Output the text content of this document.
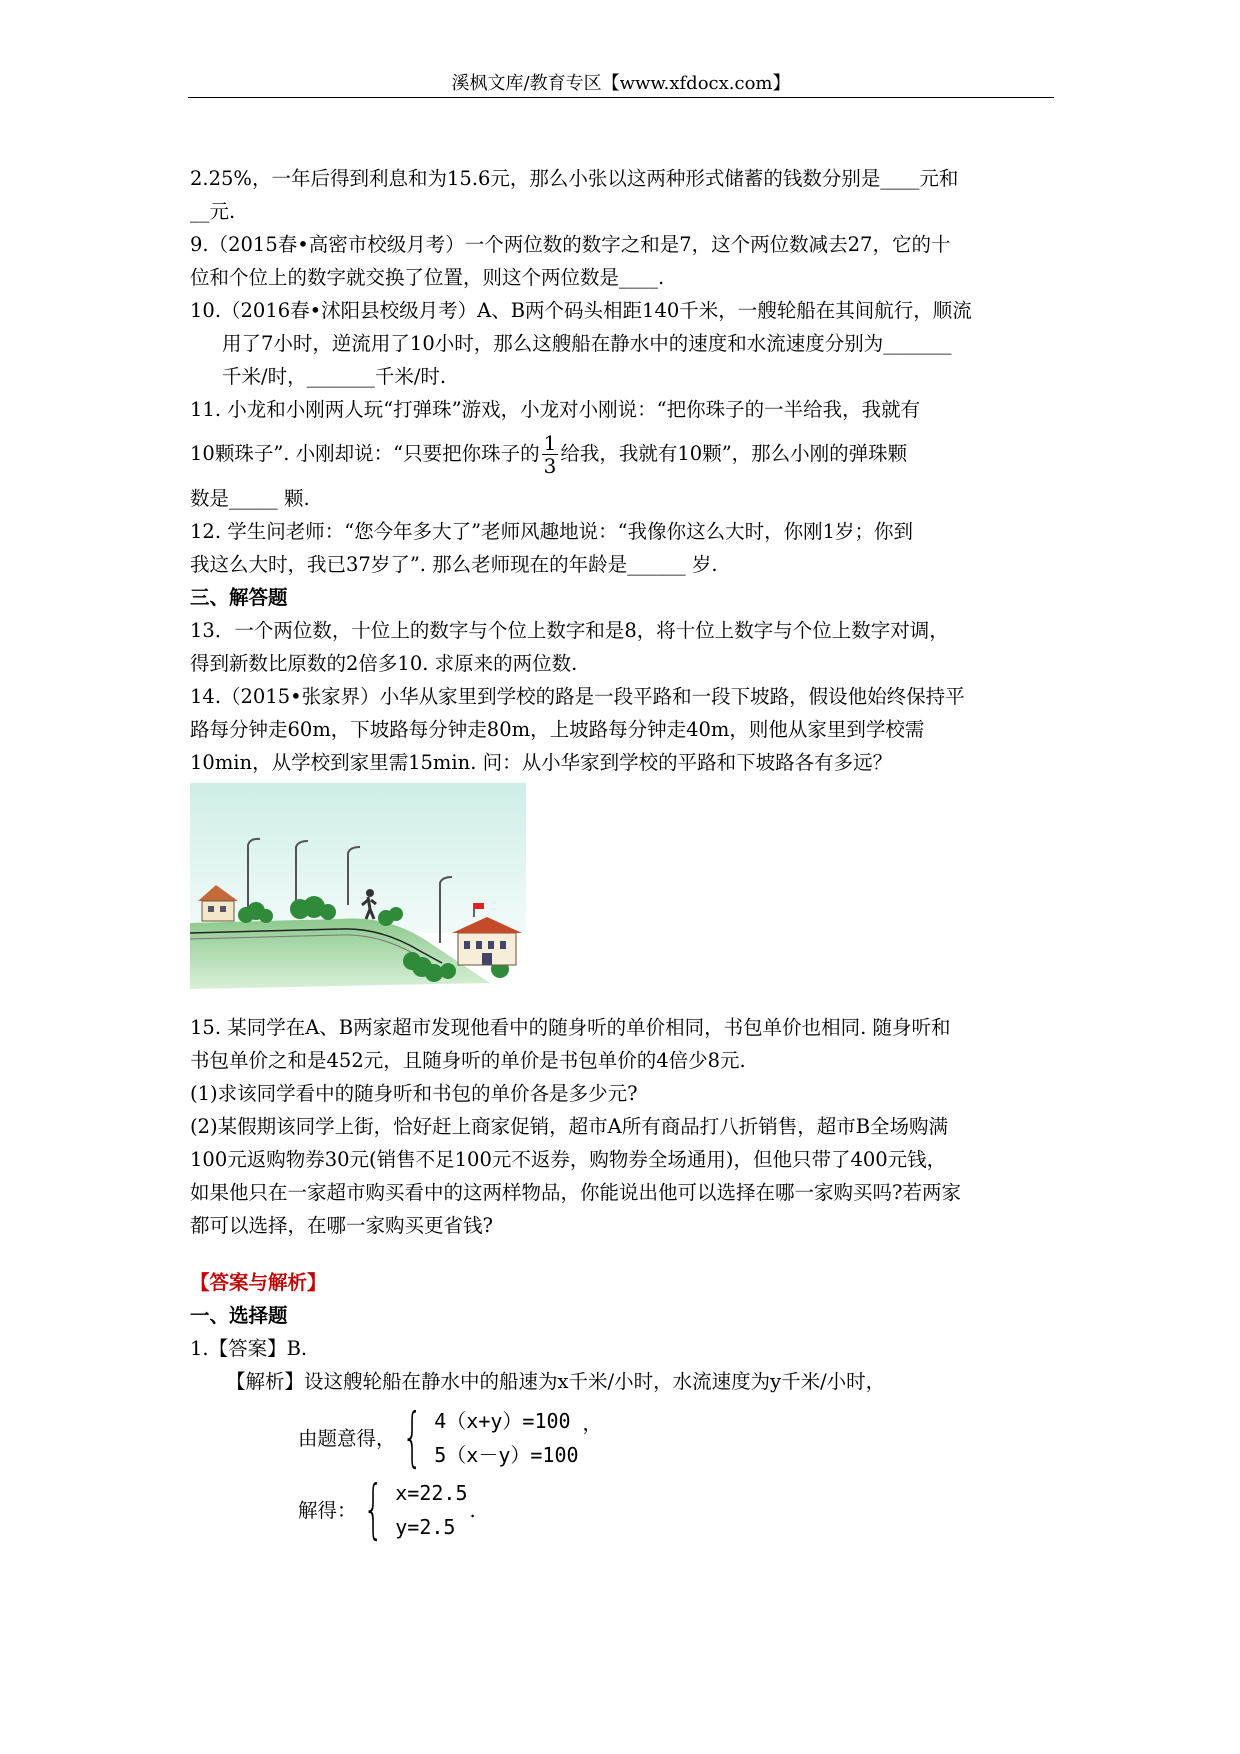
溪枫文库/教育专区【www.xfdocx.com】

2.25%，一年后得到利息和为15.6元，那么小张以这两种形式储蓄的钱数分别是____元和

__元.

9.（2015春•高密市校级月考）一个两位数的数字之和是7，这个两位数减去27，它的十

位和个位上的数字就交换了位置，则这个两位数是____.

10.（2016春•沭阳县校级月考）A、B两个码头相距140千米，一艘轮船在其间航行，顺流

用了7小时，逆流用了10小时，那么这艘船在静水中的速度和水流速度分别为_______

千米/时，_______千米/时.

11. 小龙和小刚两人玩“打弹珠”游戏，小龙对小刚说：“把你珠子的一半给我，我就有

10颗珠子”. 小刚却说：“只要把你珠子的 $\frac{1}{3}$ 给我，我就有10颗”，那么小刚的弹珠颗

数是_____ 颗.

12. 学生问老师：“您今年多大了”老师风趣地说：“我像你这么大时，你刚1岁；你到

我这么大时，我已37岁了”. 那么老师现在的年龄是______ 岁.

三、解答题

13．一个两位数，十位上的数字与个位上数字和是8，将十位上数字与个位上数字对调，

得到新数比原数的2倍多10. 求原来的两位数.

14.（2015•张家界）小华从家里到学校的路是一段平路和一段下坡路，假设他始终保持平

路每分钟走60m，下坡路每分钟走80m，上坡路每分钟走40m，则他从家里到学校需

10min，从学校到家里需15min. 问：从小华家到学校的平路和下坡路各有多远？

15. 某同学在A、B两家超市发现他看中的随身听的单价相同，书包单价也相同. 随身听和

书包单价之和是452元，且随身听的单价是书包单价的4倍少8元.

(1)求该同学看中的随身听和书包的单价各是多少元?

(2)某假期该同学上街，恰好赶上商家促销，超市A所有商品打八折销售，超市B全场购满

100元返购物券30元(销售不足100元不返券，购物券全场通用)，但他只带了400元钱，

如果他只在一家超市购买看中的这两样物品，你能说出他可以选择在哪一家购买吗?若两家

都可以选择，在哪一家购买更省钱?

【答案与解析】

一、选择题

1.【答案】B.

【解析】设这艘轮船在静水中的船速为x千米/小时，水流速度为y千米/小时，

由题意得， { 4（x+y）=100
5（x－y）=100
，
解得： { x=22.5
y=2.5
.
